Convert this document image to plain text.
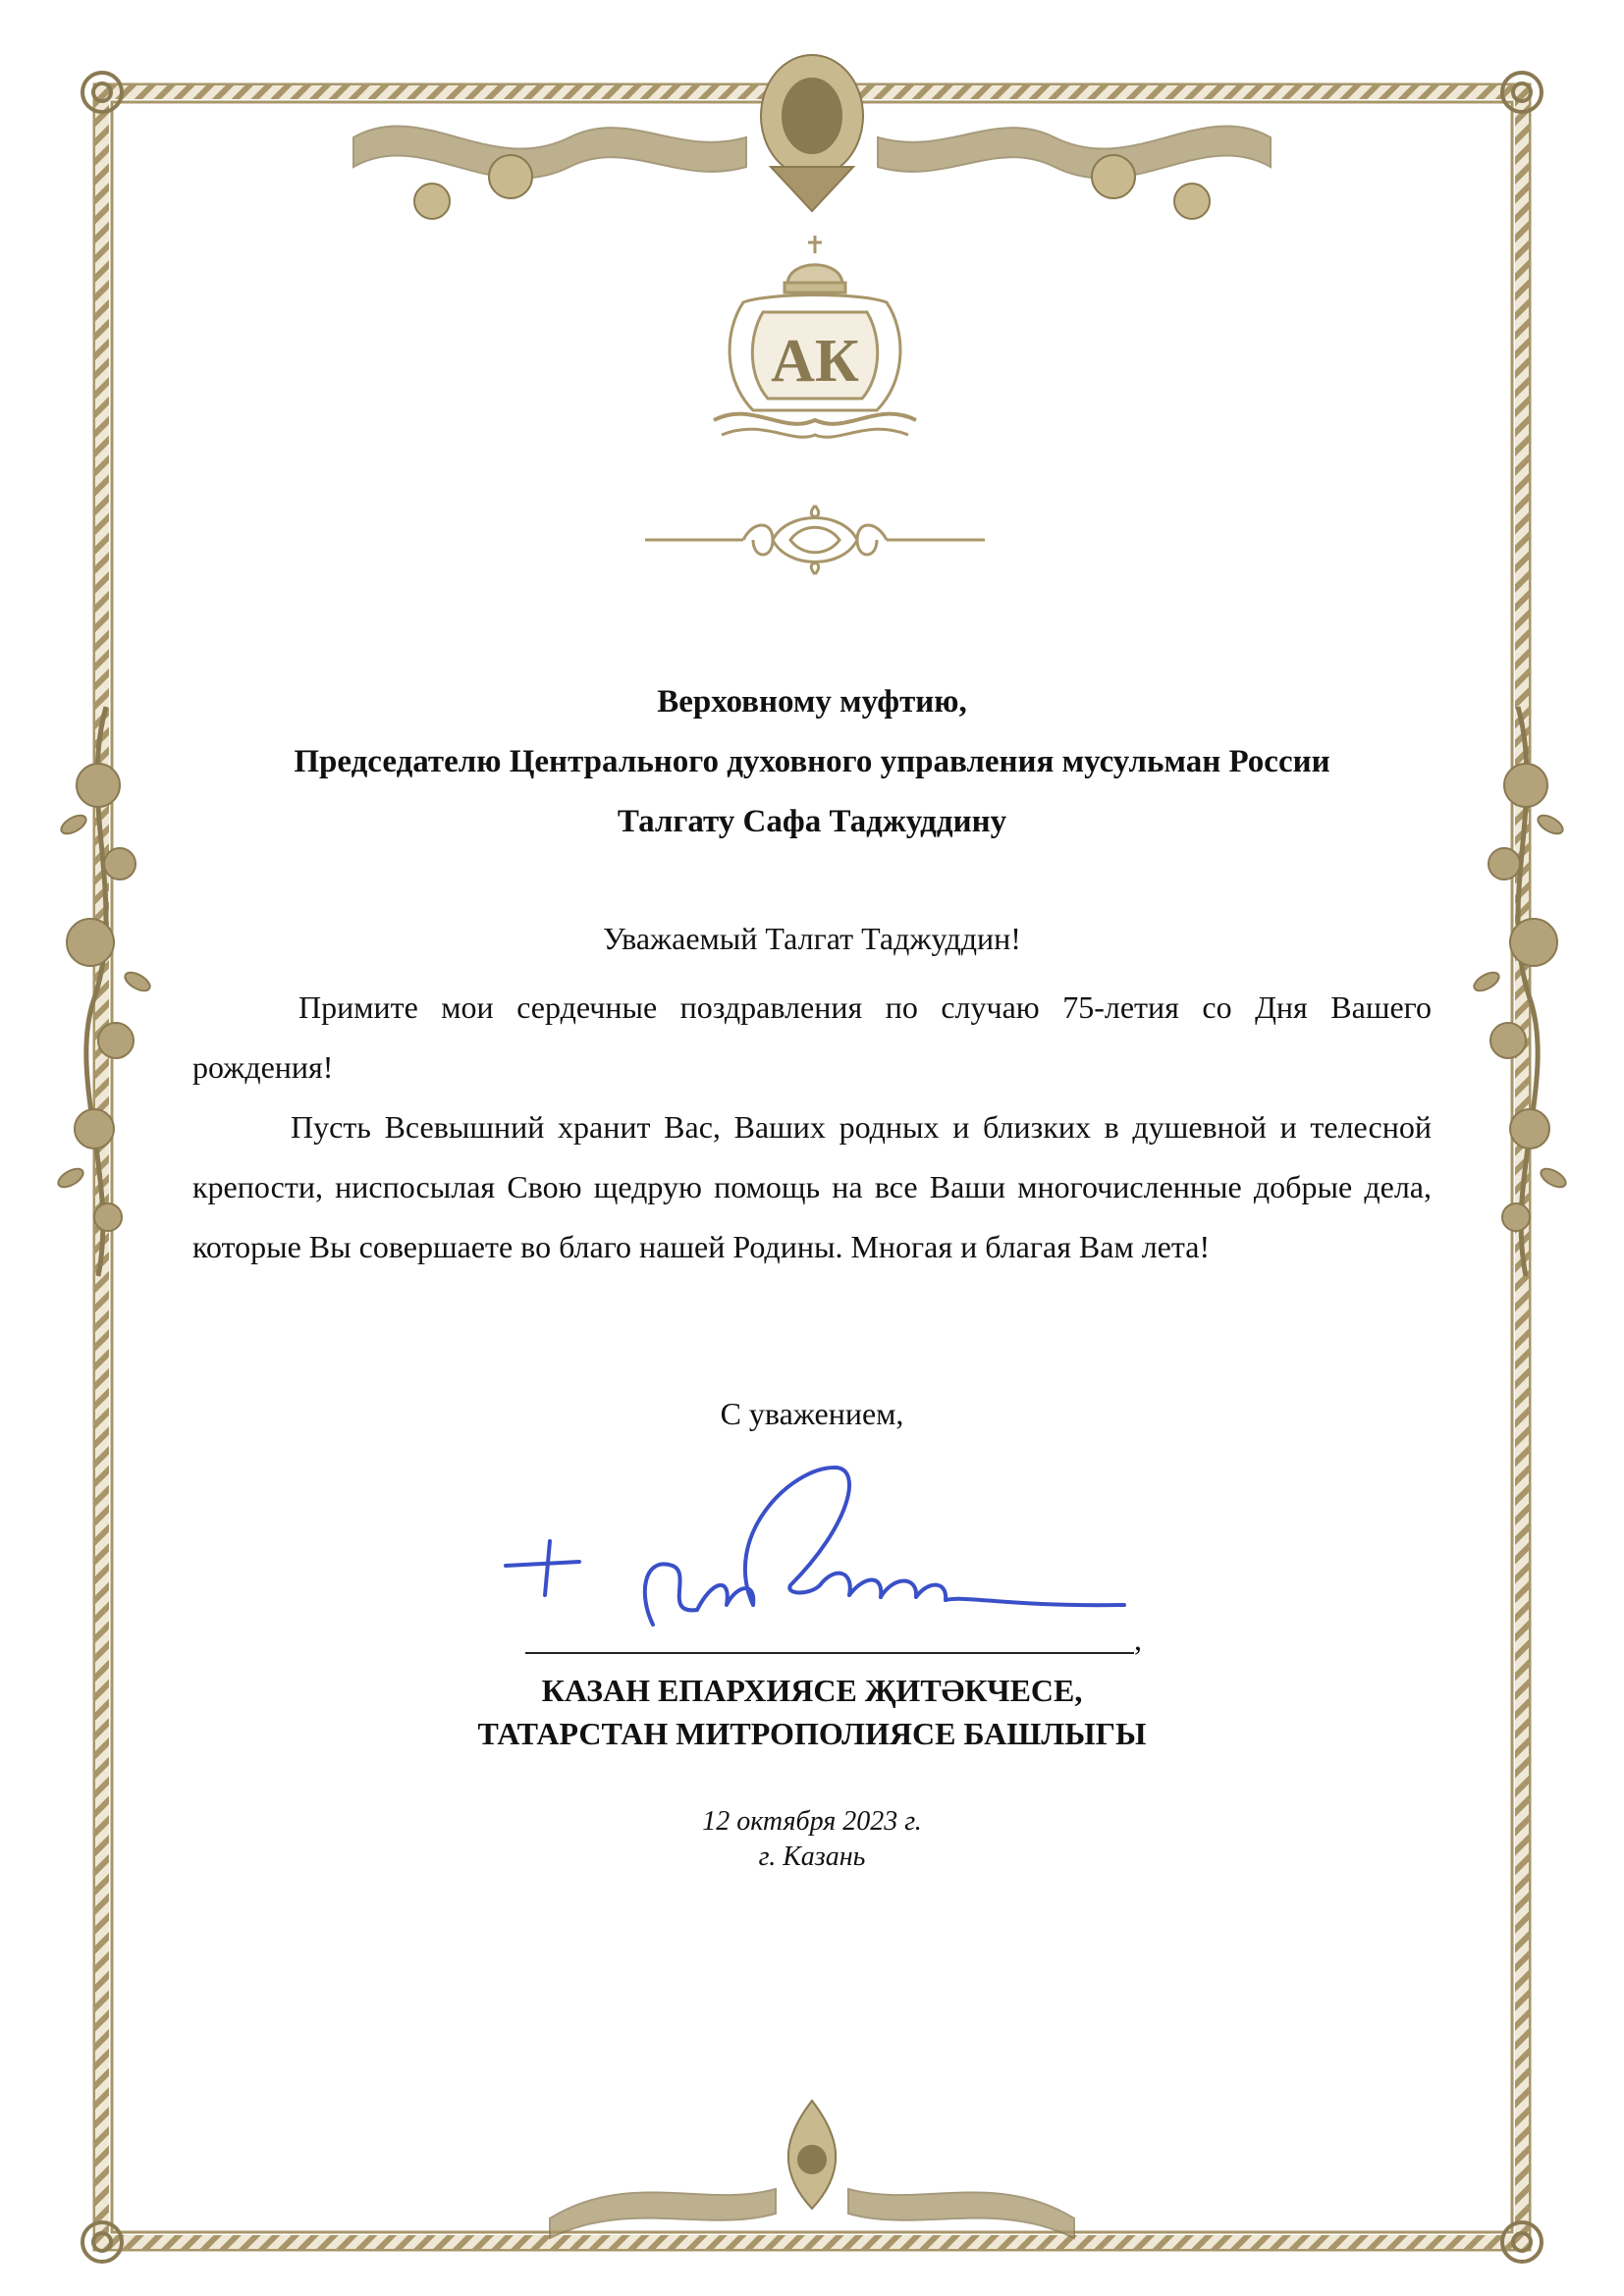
АК
Верховному муфтию,
Председателю Центрального духовного управления мусульман России
Талгату Сафа Таджуддину
Уважаемый Талгат Таджуддин!

Примите мои сердечные поздравления по случаю 75-летия со Дня Вашего рождения!

Пусть Всевышний хранит Вас, Ваших родных и близких в душевной и телесной крепости, ниспосылая Свою щедрую помощь на все Ваши многочисленные добрые дела, которые Вы совершаете во благо нашей Родины. Многая и благая Вам лета!

С уважением,
,
КАЗАН ЕПАРХИЯСЕ ҖИТӘКЧЕСЕ,
ТАТАРСТАН МИТРОПОЛИЯСЕ БАШЛЫГЫ
12 октября 2023 г.
г. Казань
